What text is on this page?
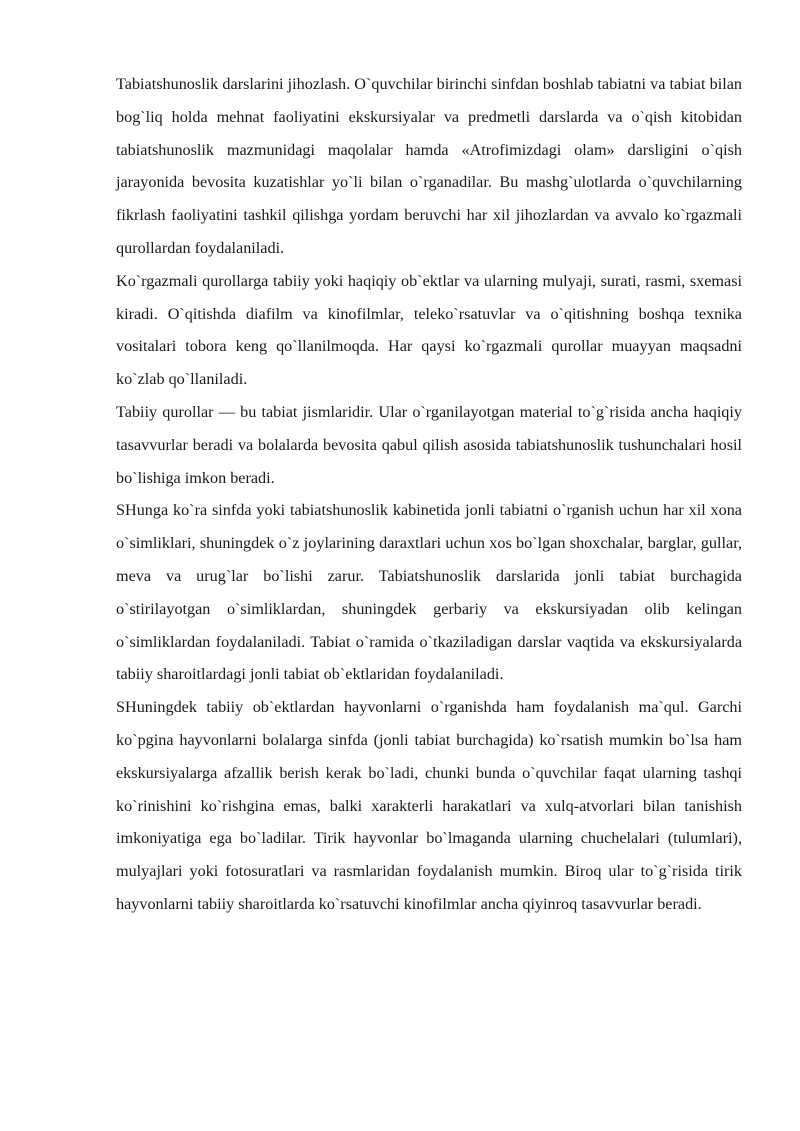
Tabiatshunoslik darslarini jihozlash. O`quvchilar birinchi sinfdan boshlab tabiatni va tabiat bilan bog`liq holda mehnat faoliyatini ekskursiyalar va predmetli darslarda va o`qish kitobidan tabiatshunoslik mazmunidagi maqolalar hamda «Atrofimizdagi olam» darsligini o`qish jarayonida bevosita kuzatishlar yo`li bilan o`rganadilar. Bu mashg`ulotlarda o`quvchilarning fikrlash faoliyatini tashkil qilishga yordam beruvchi har xil jihozlardan va avvalo ko`rgazmali qurollardan foydalaniladi.

Ko`rgazmali qurollarga tabiiy yoki haqiqiy ob`ektlar va ularning mulyaji, surati, rasmi, sxemasi kiradi. O`qitishda diafilm va kinofilmlar, teleko`rsatuvlar va o`qitishning boshqa texnika vositalari tobora keng qo`llanilmoqda. Har qaysi ko`rgazmali qurollar muayyan maqsadni ko`zlab qo`llaniladi.

Tabiiy qurollar — bu tabiat jismlaridir. Ular o`rganilayotgan material to`g`risida ancha haqiqiy tasavvurlar beradi va bolalarda bevosita qabul qilish asosida tabiatshunoslik tushunchalari hosil bo`lishiga imkon beradi.

SHunga ko`ra sinfda yoki tabiatshunoslik kabinetida jonli tabiatni o`rganish uchun har xil xona o`simliklari, shuningdek o`z joylarining daraxtlari uchun xos bo`lgan shoxchalar, barglar, gullar, meva va urug`lar bo`lishi zarur. Tabiatshunoslik darslarida jonli tabiat burchagida o`stirilayotgan o`simliklardan, shuningdek gerbariy va ekskursiyadan olib kelingan o`simliklardan foydalaniladi. Tabiat o`ramida o`tkaziladigan darslar vaqtida va ekskursiyalarda tabiiy sharoitlardagi jonli tabiat ob`ektlaridan foydalaniladi.

SHuningdek tabiiy ob`ektlardan hayvonlarni o`rganishda ham foydalanish ma`qul. Garchi ko`pgina hayvonlarni bolalarga sinfda (jonli tabiat burchagida) ko`rsatish mumkin bo`lsa ham ekskursiyalarga afzallik berish kerak bo`ladi, chunki bunda o`quvchilar faqat ularning tashqi ko`rinishini ko`rishgina emas, balki xarakterli harakatlari va xulq-atvorlari bilan tanishish imkoniyatiga ega bo`ladilar. Tirik hayvonlar bo`lmaganda ularning chuchelalari (tulumlari), mulyajlari yoki fotosuratlari va rasmlaridan foydalanish mumkin. Biroq ular to`g`risida tirik hayvonlarni tabiiy sharoitlarda ko`rsatuvchi kinofilmlar ancha qiyinroq tasavvurlar beradi.
